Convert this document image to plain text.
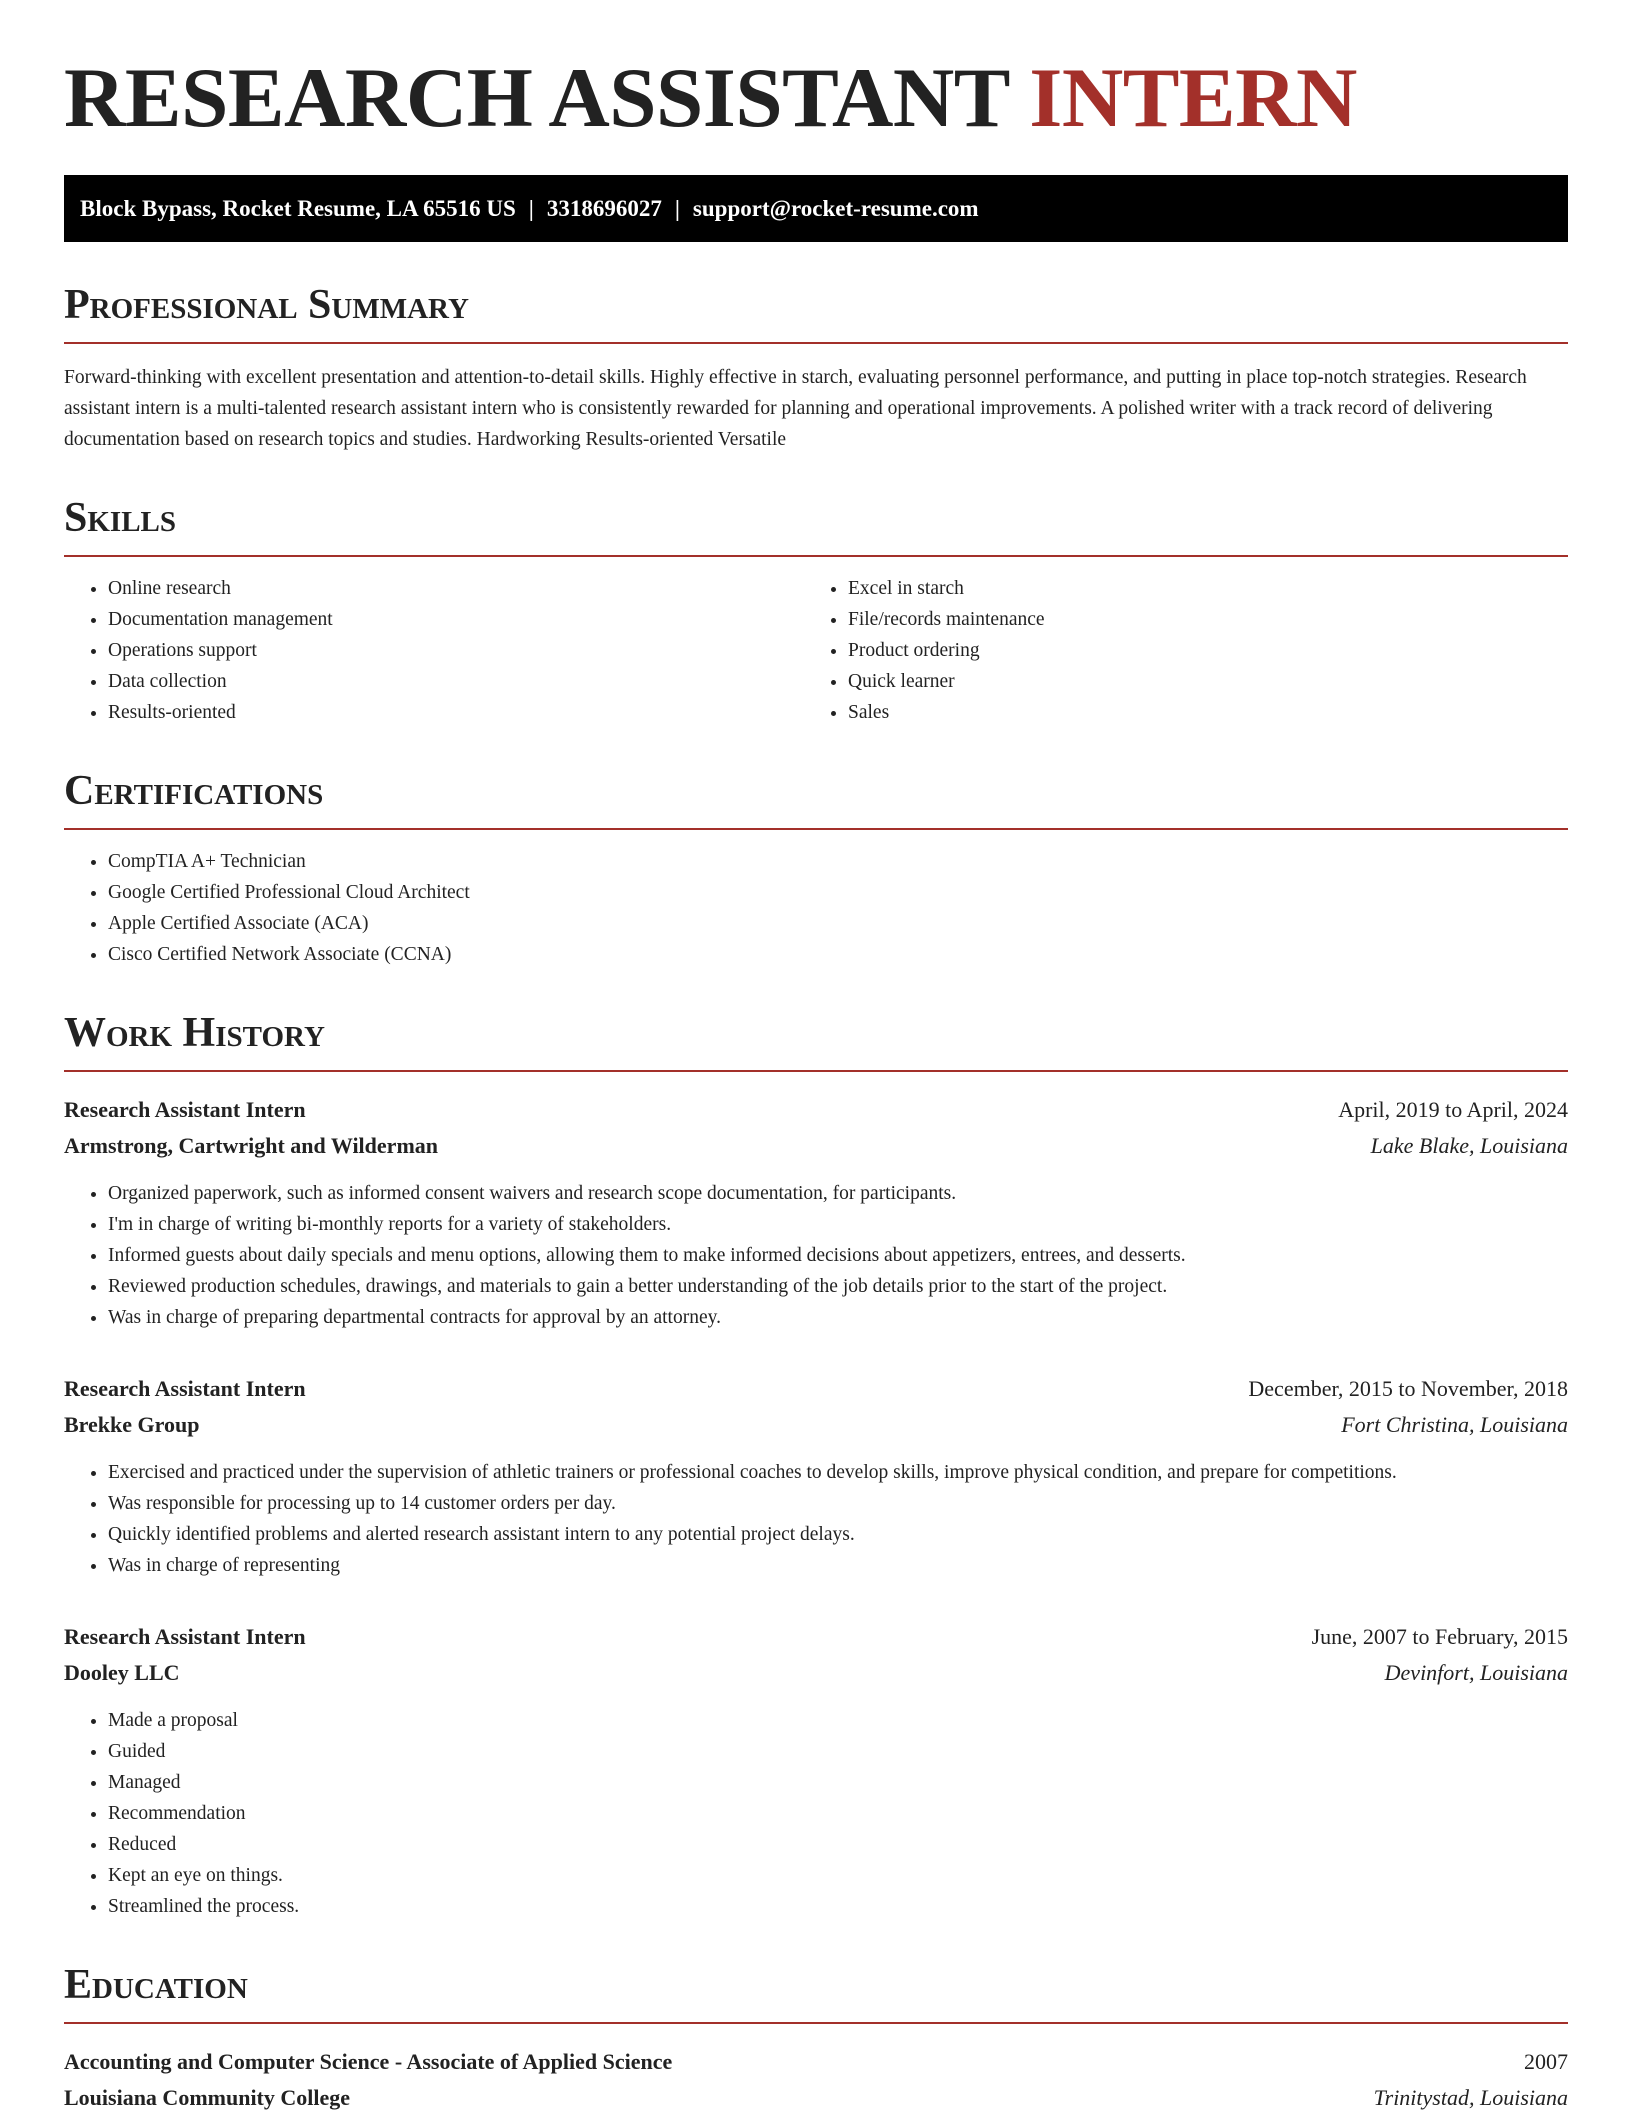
RESEARCH ASSISTANT INTERN
Block Bypass, Rocket Resume, LA 65516 US | 3318696027 | support@rocket-resume.com
Professional Summary
Forward-thinking with excellent presentation and attention-to-detail skills. Highly effective in starch, evaluating personnel performance, and putting in place top-notch strategies. Research assistant intern is a multi-talented research assistant intern who is consistently rewarded for planning and operational improvements. A polished writer with a track record of delivering documentation based on research topics and studies. Hardworking Results-oriented Versatile
Skills
• Online research
• Documentation management
• Operations support
• Data collection
• Results-oriented
• Excel in starch
• File/records maintenance
• Product ordering
• Quick learner
• Sales
Certifications
• CompTIA A+ Technician
• Google Certified Professional Cloud Architect
• Apple Certified Associate (ACA)
• Cisco Certified Network Associate (CCNA)
Work History
Research Assistant Intern	April, 2019 to April, 2024
Armstrong, Cartwright and Wilderman	Lake Blake, Louisiana
• Organized paperwork, such as informed consent waivers and research scope documentation, for participants.
• I'm in charge of writing bi-monthly reports for a variety of stakeholders.
• Informed guests about daily specials and menu options, allowing them to make informed decisions about appetizers, entrees, and desserts.
• Reviewed production schedules, drawings, and materials to gain a better understanding of the job details prior to the start of the project.
• Was in charge of preparing departmental contracts for approval by an attorney.
Research Assistant Intern	December, 2015 to November, 2018
Brekke Group	Fort Christina, Louisiana
• Exercised and practiced under the supervision of athletic trainers or professional coaches to develop skills, improve physical condition, and prepare for competitions.
• Was responsible for processing up to 14 customer orders per day.
• Quickly identified problems and alerted research assistant intern to any potential project delays.
• Was in charge of representing
Research Assistant Intern	June, 2007 to February, 2015
Dooley LLC	Devinfort, Louisiana
• Made a proposal
• Guided
• Managed
• Recommendation
• Reduced
• Kept an eye on things.
• Streamlined the process.
Education
Accounting and Computer Science - Associate of Applied Science	2007
Louisiana Community College	Trinitystad, Louisiana
